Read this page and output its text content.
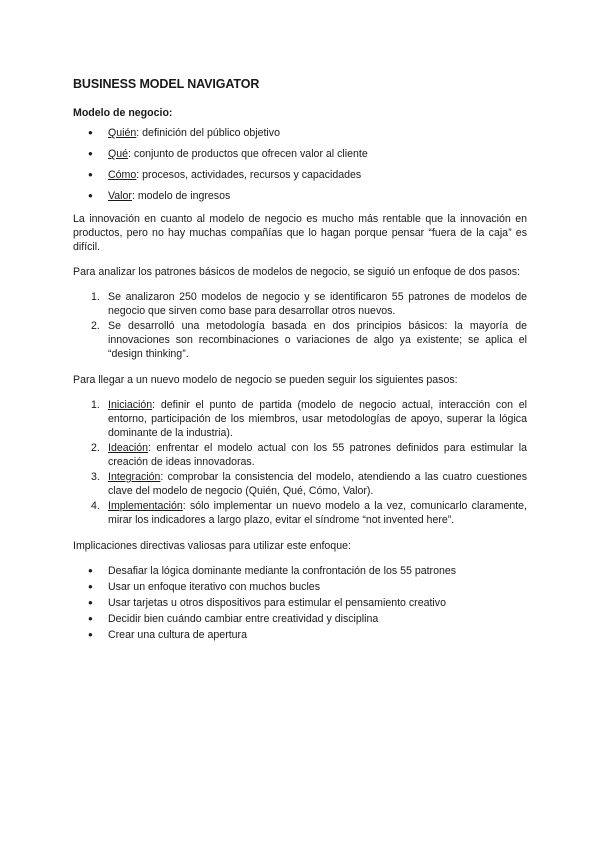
BUSINESS MODEL NAVIGATOR
Modelo de negocio:
● Quién: definición del público objetivo
● Qué: conjunto de productos que ofrecen valor al cliente
● Cómo: procesos, actividades, recursos y capacidades
● Valor: modelo de ingresos

La innovación en cuanto al modelo de negocio es mucho más rentable que la innovación en productos, pero no hay muchas compañías que lo hagan porque pensar “fuera de la caja” es difícil.

Para analizar los patrones básicos de modelos de negocio, se siguió un enfoque de dos pasos:

1. Se analizaron 250 modelos de negocio y se identificaron 55 patrones de modelos de negocio que sirven como base para desarrollar otros nuevos.
2. Se desarrolló una metodología basada en dos principios básicos: la mayoría de innovaciones son recombinaciones o variaciones de algo ya existente; se aplica el “design thinking”.

Para llegar a un nuevo modelo de negocio se pueden seguir los siguientes pasos:

1. Iniciación: definir el punto de partida (modelo de negocio actual, interacción con el entorno, participación de los miembros, usar metodologías de apoyo, superar la lógica dominante de la industria).
2. Ideación: enfrentar el modelo actual con los 55 patrones definidos para estimular la creación de ideas innovadoras.
3. Integración: comprobar la consistencia del modelo, atendiendo a las cuatro cuestiones clave del modelo de negocio (Quién, Qué, Cómo, Valor).
4. Implementación: sólo implementar un nuevo modelo a la vez, comunicarlo claramente, mirar los indicadores a largo plazo, evitar el síndrome “not invented here”.

Implicaciones directivas valiosas para utilizar este enfoque:

● Desafiar la lógica dominante mediante la confrontación de los 55 patrones
● Usar un enfoque iterativo con muchos bucles
● Usar tarjetas u otros dispositivos para estimular el pensamiento creativo
● Decidir bien cuándo cambiar entre creatividad y disciplina
● Crear una cultura de apertura
